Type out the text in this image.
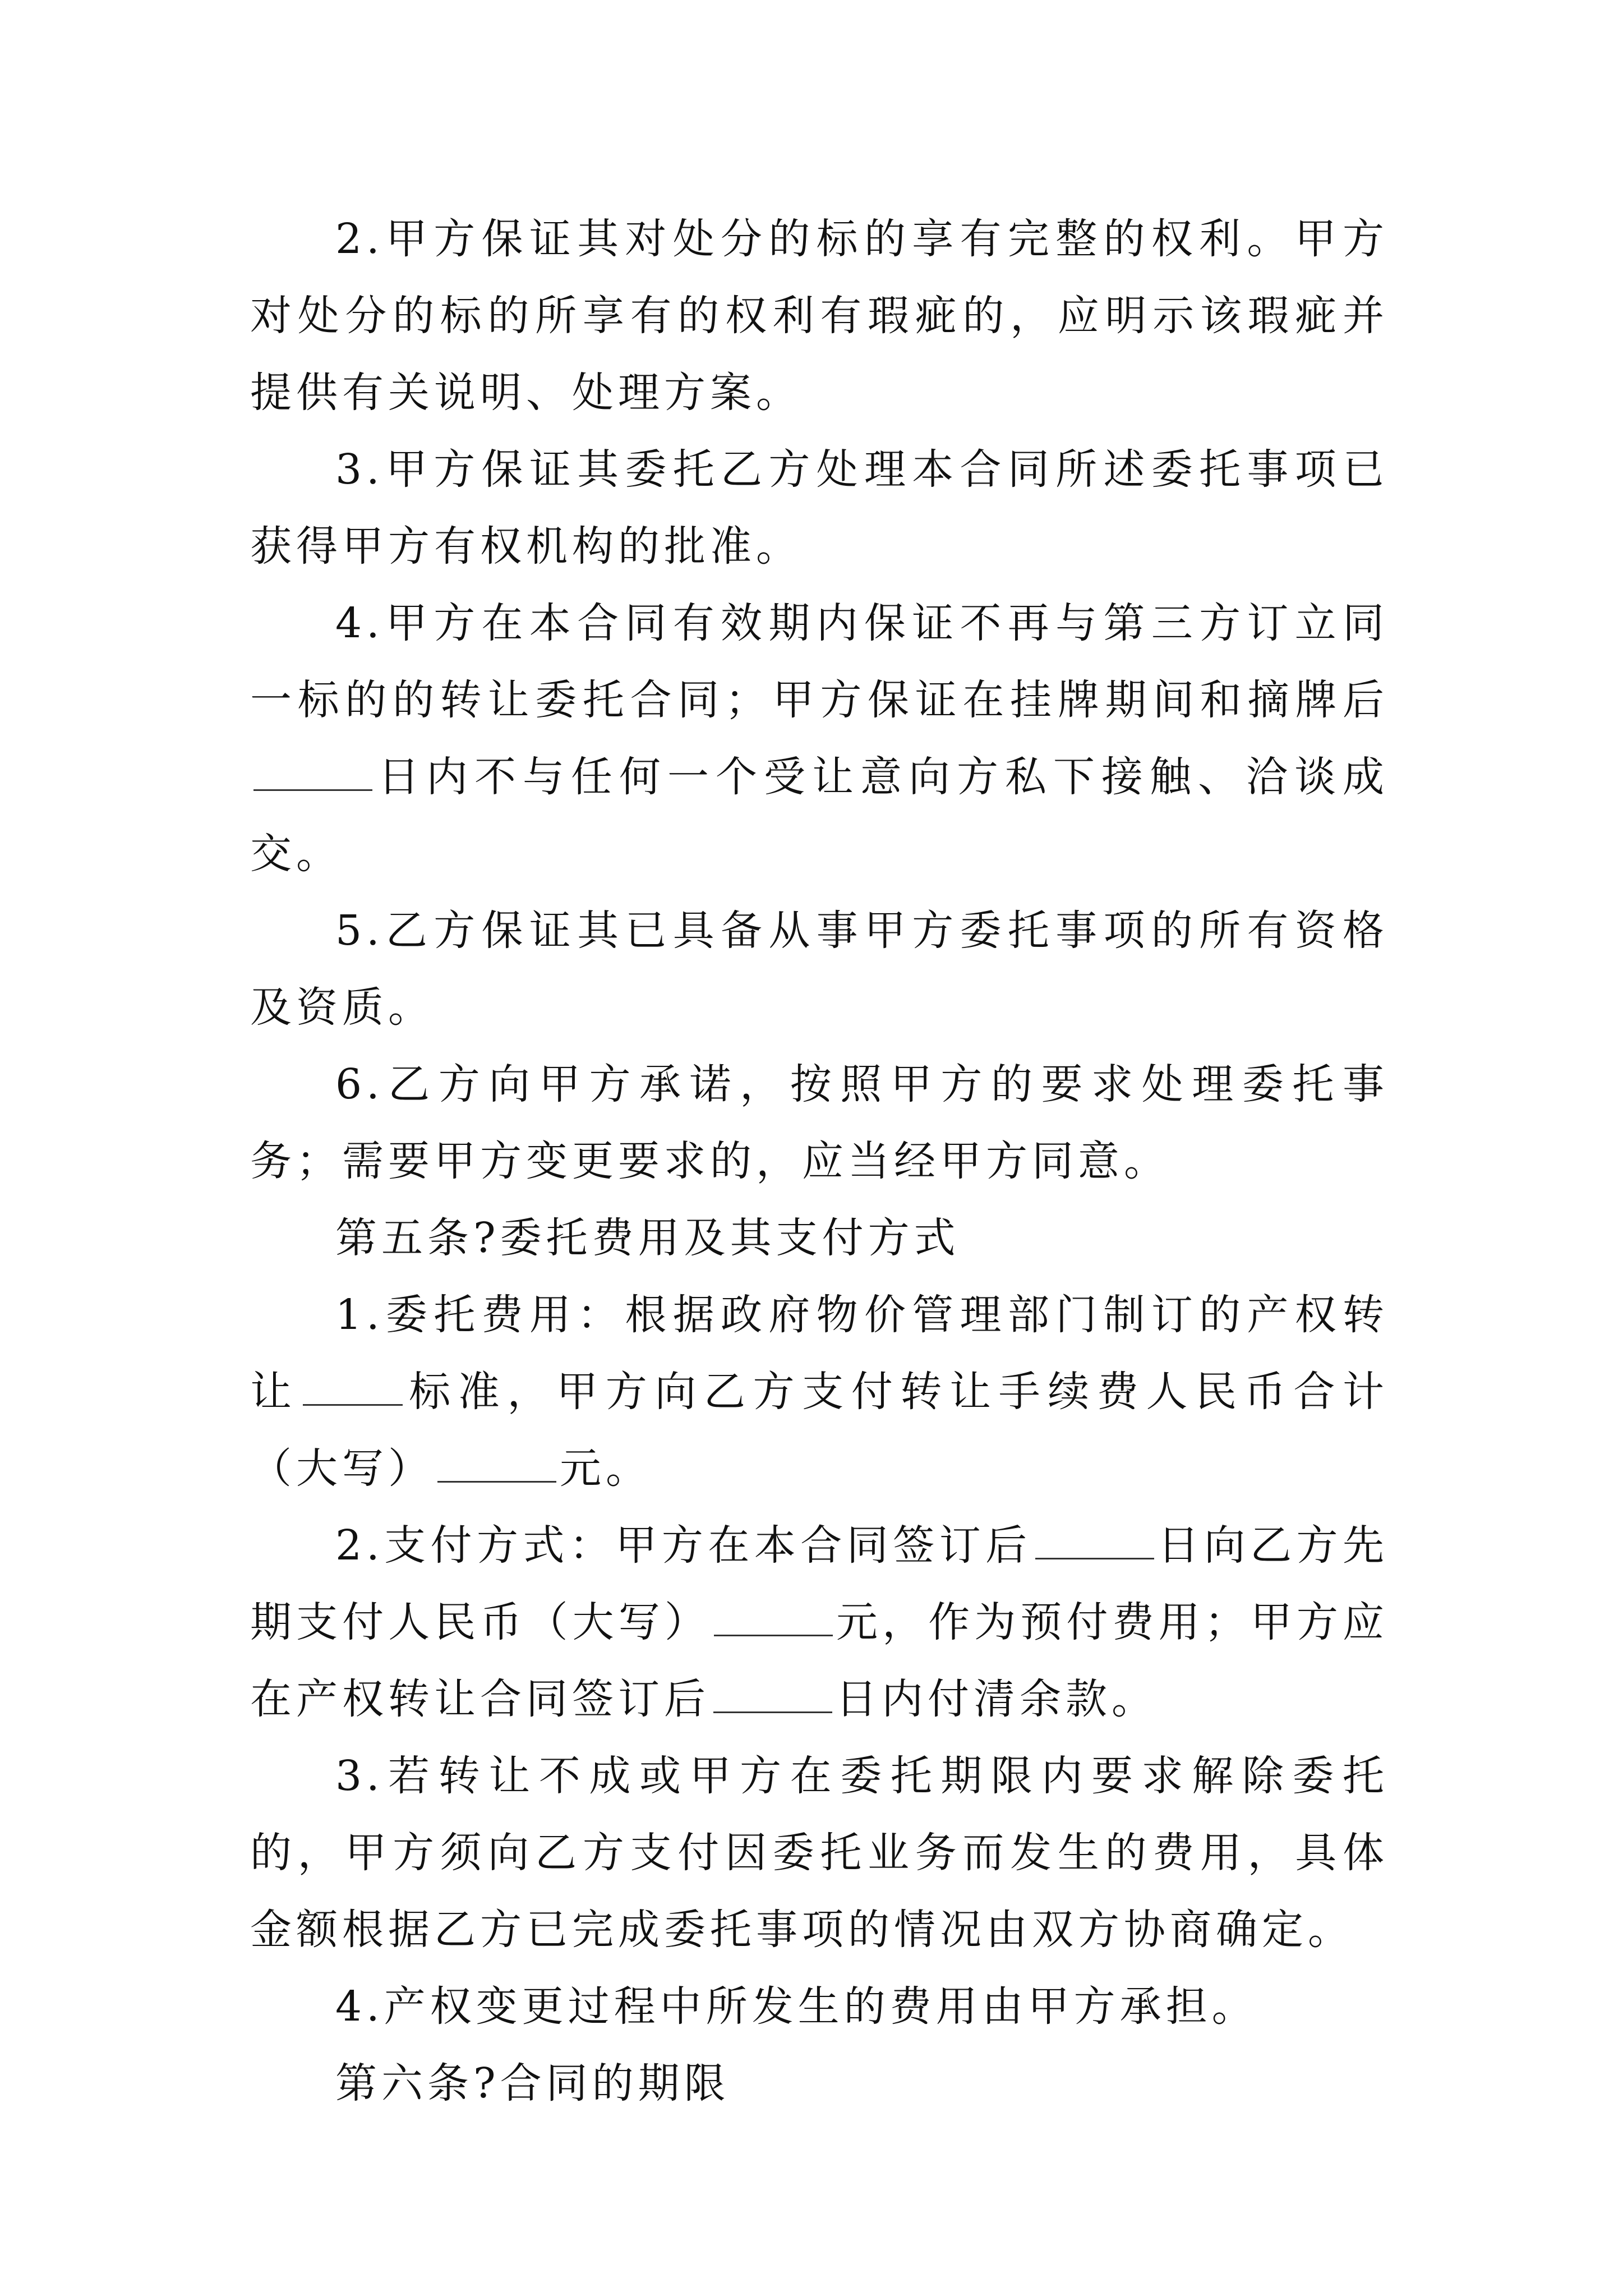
2.甲方保证其对处分的标的享有完整的权利。甲方对处分的标的所享有的权利有瑕疵的，应明示该瑕疵并提供有关说明、处理方案。

3.甲方保证其委托乙方处理本合同所述委托事项已获得甲方有权机构的批准。

4.甲方在本合同有效期内保证不再与第三方订立同一标的的转让委托合同；甲方保证在挂牌期间和摘牌后日内不与任何一个受让意向方私下接触、洽谈成交。

5.乙方保证其已具备从事甲方委托事项的所有资格及资质。

6.乙方向甲方承诺，按照甲方的要求处理委托事务；需要甲方变更要求的，应当经甲方同意。

第五条?委托费用及其支付方式

1.委托费用：根据政府物价管理部门制订的产权转让	标准，甲方向乙方支付转让手续费人民币合计（大写）	元。

2.支付方式：甲方在本合同签订后	日向乙方先期支付人民币（大写）	元，作为预付费用；甲方应在产权转让合同签订后	日内付清余款。

3.若转让不成或甲方在委托期限内要求解除委托的，甲方须向乙方支付因委托业务而发生的费用，具体金额根据乙方已完成委托事项的情况由双方协商确定。

4.产权变更过程中所发生的费用由甲方承担。

第六条?合同的期限
